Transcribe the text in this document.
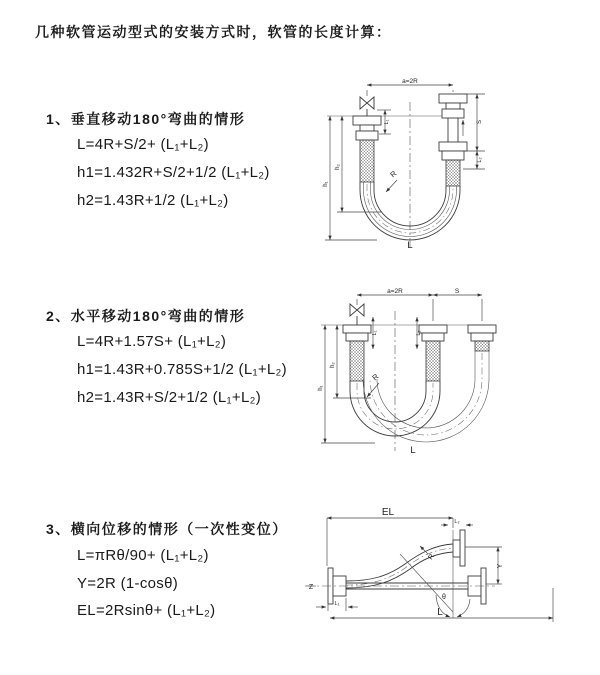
几种软管运动型式的安装方式时，软管的长度计算：
1、垂直移动180°弯曲的情形
L=4R+S/2+ (L₁+L₂)
h1=1.432R+S/2+1/2 (L₁+L₂)
h2=1.43R+1/2 (L₁+L₂)
2、水平移动180°弯曲的情形
L=4R+1.57S+ (L₁+L₂)
h1=1.43R+0.785S+1/2 (L₁+L₂)
h2=1.43R+S/2+1/2 (L₁+L₂)
3、横向位移的情形（一次性变位）
L=πRθ/90+ (L₁+L₂)
Y=2R (1-cosθ)
EL=2Rsinθ+ (L₁+L₂)
a=2R
h₁
h₂
L₁	S
L₂
R
L
a=2R	S
h₁
h₂
L₁	L₂
R
L
EL
L₂
Z
Y
R
θ
L₁
L
